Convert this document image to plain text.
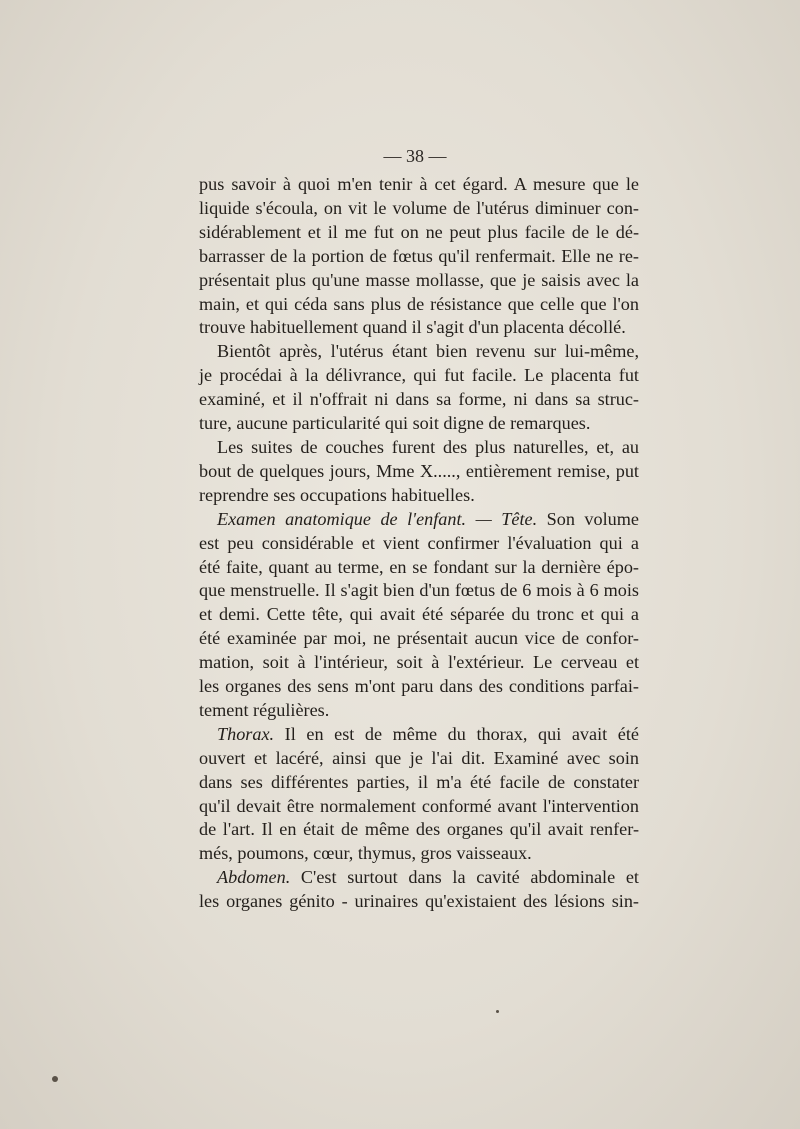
— 38 —
pus savoir à quoi m'en tenir à cet égard. A mesure que le
liquide s'écoula, on vit le volume de l'utérus diminuer con-
sidérablement et il me fut on ne peut plus facile de le dé-
barrasser de la portion de fœtus qu'il renfermait. Elle ne re-
présentait plus qu'une masse mollasse, que je saisis avec la
main, et qui céda sans plus de résistance que celle que l'on
trouve habituellement quand il s'agit d'un placenta décollé.
Bientôt après, l'utérus étant bien revenu sur lui-même,
je procédai à la délivrance, qui fut facile. Le placenta fut
examiné, et il n'offrait ni dans sa forme, ni dans sa struc-
ture, aucune particularité qui soit digne de remarques.
Les suites de couches furent des plus naturelles, et, au
bout de quelques jours, Mme X....., entièrement remise, put
reprendre ses occupations habituelles.
Examen anatomique de l'enfant. — Tête. Son volume
est peu considérable et vient confirmer l'évaluation qui a
été faite, quant au terme, en se fondant sur la dernière épo-
que menstruelle. Il s'agit bien d'un fœtus de 6 mois à 6 mois
et demi. Cette tête, qui avait été séparée du tronc et qui a
été examinée par moi, ne présentait aucun vice de confor-
mation, soit à l'intérieur, soit à l'extérieur. Le cerveau et
les organes des sens m'ont paru dans des conditions parfai-
tement régulières.
Thorax. Il en est de même du thorax, qui avait été
ouvert et lacéré, ainsi que je l'ai dit. Examiné avec soin
dans ses différentes parties, il m'a été facile de constater
qu'il devait être normalement conformé avant l'intervention
de l'art. Il en était de même des organes qu'il avait renfer-
més, poumons, cœur, thymus, gros vaisseaux.
Abdomen. C'est surtout dans la cavité abdominale et
les organes génito - urinaires qu'existaient des lésions sin-
